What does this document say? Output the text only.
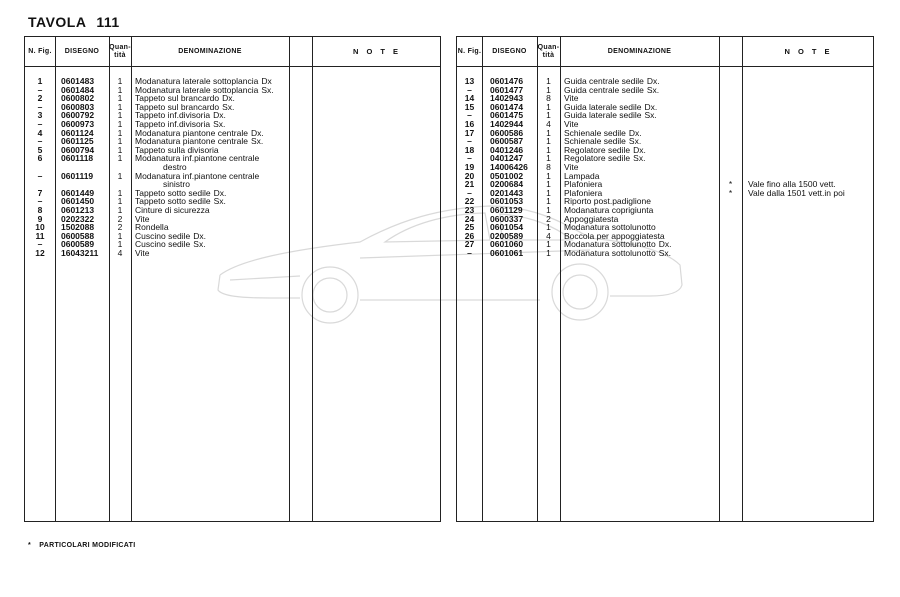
TAVOLA 111
N. Fig.	DISEGNO
Quan- tità
DENOMINAZIONE	N O T E
1	0601483	1	Modanatura laterale sottoplancia Dx
–	0601484	1	Modanatura laterale sottoplancia Sx.
2	0600802	1	Tappeto sul brancardo Dx.
–	0600803	1	Tappeto sul brancardo Sx.
3	0600792	1	Tappeto inf.divisoria Dx.
–	0600973	1	Tappeto inf.divisoria Sx.
4	0601124	1	Modanatura piantone centrale Dx.
–	0601125	1	Modanatura piantone centrale Sx.
5	0600794	1	Tappeto sulla divisoria
6	0601118	1	Modanatura inf.piantone centrale
destro
–	0601119	1	Modanatura inf.piantone centrale
sinistro
7	0601449	1	Tappeto sotto sedile Dx.
–	0601450	1	Tappeto sotto sedile Sx.
8	0601213	1	Cinture di sicurezza
9	0202322	2	Vite
10	1502088	2	Rondella
11	0600588	1	Cuscino sedile Dx.
–	0600589	1	Cuscino sedile Sx.
12	16043211	4	Vite
N. Fig.	DISEGNO
Quan- tità
DENOMINAZIONE	N O T E
13	0601476	1	Guida centrale sedile Dx.
–	0601477	1	Guida centrale sedile Sx.
14	1402943	8	Vite
15	0601474	1	Guida laterale sedile Dx.
–	0601475	1	Guida laterale sedile Sx.
16	1402944	4	Vite
17	0600586	1	Schienale sedile Dx.
–	0600587	1	Schienale sedile Sx.
18	0401246	1	Regolatore sedile Dx.
–	0401247	1	Regolatore sedile Sx.
19	14006426	8	Vite
20	0501002	1	Lampada
21	0200684	1	Plafoniera	*	Vale fino alla 1500 vett.
–	0201443	1	Plafoniera	*	Vale dalla 1501 vett.in poi
22	0601053	1	Riporto post.padiglione
23	0601129	1	Modanatura coprigiunta
24	0600337	2	Appoggiatesta
25	0601054	1	Modanatura sottolunotto
26	0200589	4	Boccola per appoggiatesta
27	0601060	1	Modanatura sottolunotto Dx.
–	0601061	1	Modanatura sottolunotto Sx.
* PARTICOLARI MODIFICATI
